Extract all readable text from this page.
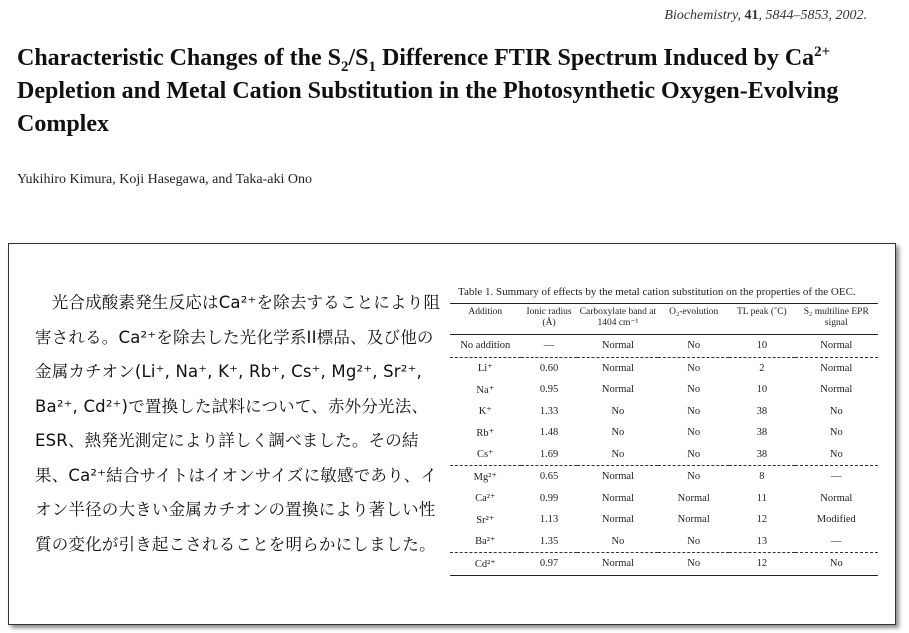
Biochemistry, 41, 5844–5853, 2002.
Characteristic Changes of the $S_2/S_1$ Difference FTIR Spectrum Induced by $Ca^{2+}$ Depletion and Metal Cation Substitution in the Photosynthetic Oxygen-Evolving Complex
Yukihiro Kimura, Koji Hasegawa, and Taka-aki Ono
　光合成酸素発生反応はCa²⁺を除去することにより阻害される。Ca²⁺を除去した光化学系II標品、及び他の金属カチオン(Li⁺, Na⁺, K⁺, Rb⁺, Cs⁺, Mg²⁺, Sr²⁺, Ba²⁺, Cd²⁺)で置換した試料について、赤外分光法、ESR、熱発光測定により詳しく調べました。その結果、Ca²⁺結合サイトはイオンサイズに敏感であり、イオン半径の大きい金属カチオンの置換により著しい性質の変化が引き起こされることを明らかにしました。
Table 1. Summary of effects by the metal cation substitution on the properties of the OEC.
Addition	Ionic radius (Å)	Carboxylate band at 1404 cm⁻¹	O₂-evolution	TL peak (˚C)	S₂ multiline EPR signal
No addition	—	Normal	No	10	Normal
Li⁺	0.60	Normal	No	2	Normal
Na⁺	0.95	Normal	No	10	Normal
K⁺	1.33	No	No	38	No
Rb⁺	1.48	No	No	38	No
Cs⁺	1.69	No	No	38	No
Mg²⁺	0.65	Normal	No	8	—
Ca²⁺	0.99	Normal	Normal	11	Normal
Sr²⁺	1.13	Normal	Normal	12	Modified
Ba²⁺	1.35	No	No	13	—
Cd²⁺	0.97	Normal	No	12	No
